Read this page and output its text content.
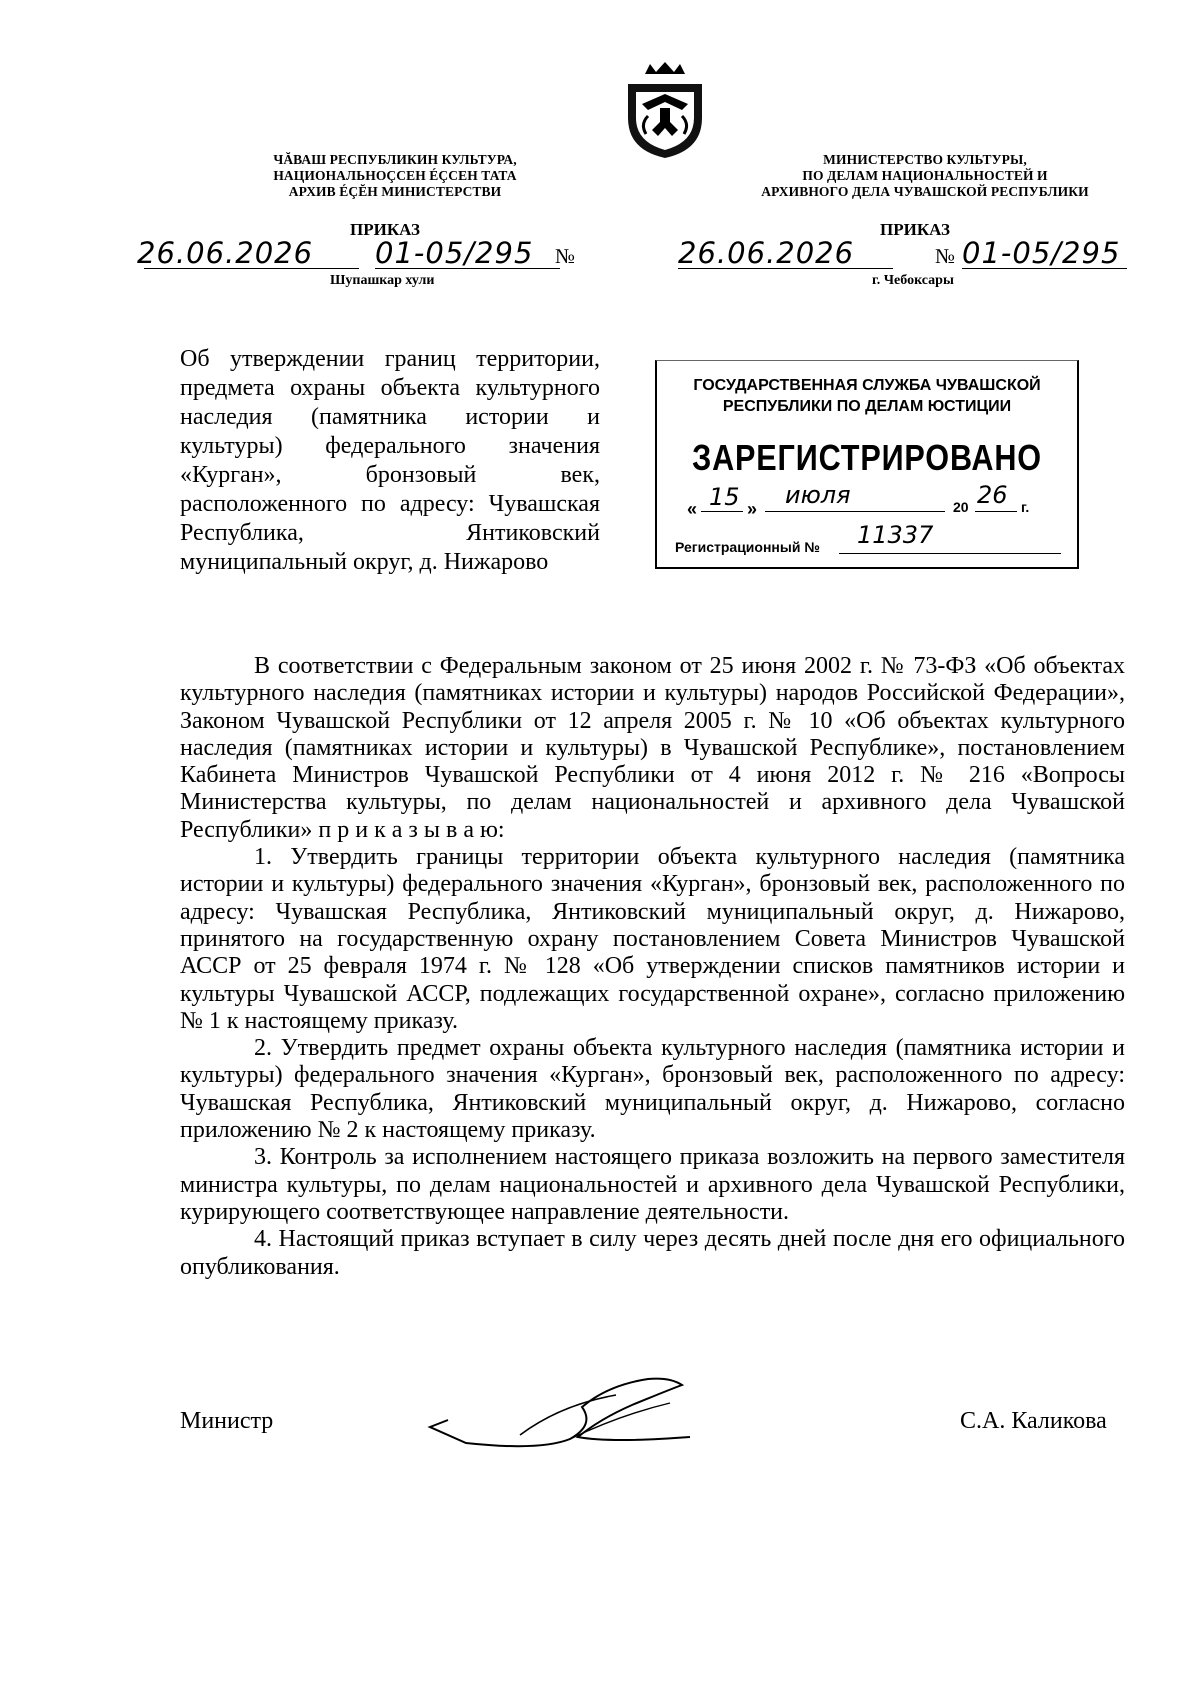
ЧĂВАШ РЕСПУБЛИКИН КУЛЬТУРА,
НАЦИОНАЛЬНОÇСЕН ÉÇСЕН ТАТА
АРХИВ ÉÇĔН МИНИСТЕРСТВИ
МИНИСТЕРСТВО КУЛЬТУРЫ,
ПО ДЕЛАМ НАЦИОНАЛЬНОСТЕЙ И
АРХИВНОГО ДЕЛА ЧУВАШСКОЙ РЕСПУБЛИКИ
ПРИКАЗ
26.06.2026 01-05/295 №
Шупашкар хули
ПРИКАЗ
26.06.2026	№ 01-05/295
г. Чебоксары
Об утверждении границ территории, предмета охраны объекта культурного наследия (памятника истории и культуры) федерального значения «Курган», бронзовый век, расположенного по адресу: Чувашская Республика, Янтиковский муниципальный округ, д. Нижарово
ГОСУДАРСТВЕННАЯ СЛУЖБА ЧУВАШСКОЙ
РЕСПУБЛИКИ ПО ДЕЛАМ ЮСТИЦИИ
ЗАРЕГИСТРИРОВАНО
« 15 » июля	20 26 г.
Регистрационный № 11337

В соответствии с Федеральным законом от 25 июня 2002 г. № 73-ФЗ «Об объектах культурного наследия (памятниках истории и культуры) народов Российской Федерации», Законом Чувашской Республики от 12 апреля 2005 г. № 10 «Об объектах культурного наследия (памятниках истории и культуры) в Чувашской Республике», постановлением Кабинета Министров Чувашской Республики от 4 июня 2012 г. № 216 «Вопросы Министерства культуры, по делам национальностей и архивного дела Чувашской Республики» п р и к а з ы в а ю:

1. Утвердить границы территории объекта культурного наследия (памятника истории и культуры) федерального значения «Курган», бронзовый век, расположенного по адресу: Чувашская Республика, Янтиковский муниципальный округ, д. Нижарово, принятого на государственную охрану постановлением Совета Министров Чувашской АССР от 25 февраля 1974 г. № 128 «Об утверждении списков памятников истории и культуры Чувашской АССР, подлежащих государственной охране», согласно приложению № 1 к настоящему приказу.

2. Утвердить предмет охраны объекта культурного наследия (памятника истории и культуры) федерального значения «Курган», бронзовый век, расположенного по адресу: Чувашская Республика, Янтиковский муниципальный округ, д. Нижарово, согласно приложению № 2 к настоящему приказу.

3. Контроль за исполнением настоящего приказа возложить на первого заместителя министра культуры, по делам национальностей и архивного дела Чувашской Республики, курирующего соответствующее направление деятельности.

4. Настоящий приказ вступает в силу через десять дней после дня его официального опубликования.

Министр	С.А. Каликова
